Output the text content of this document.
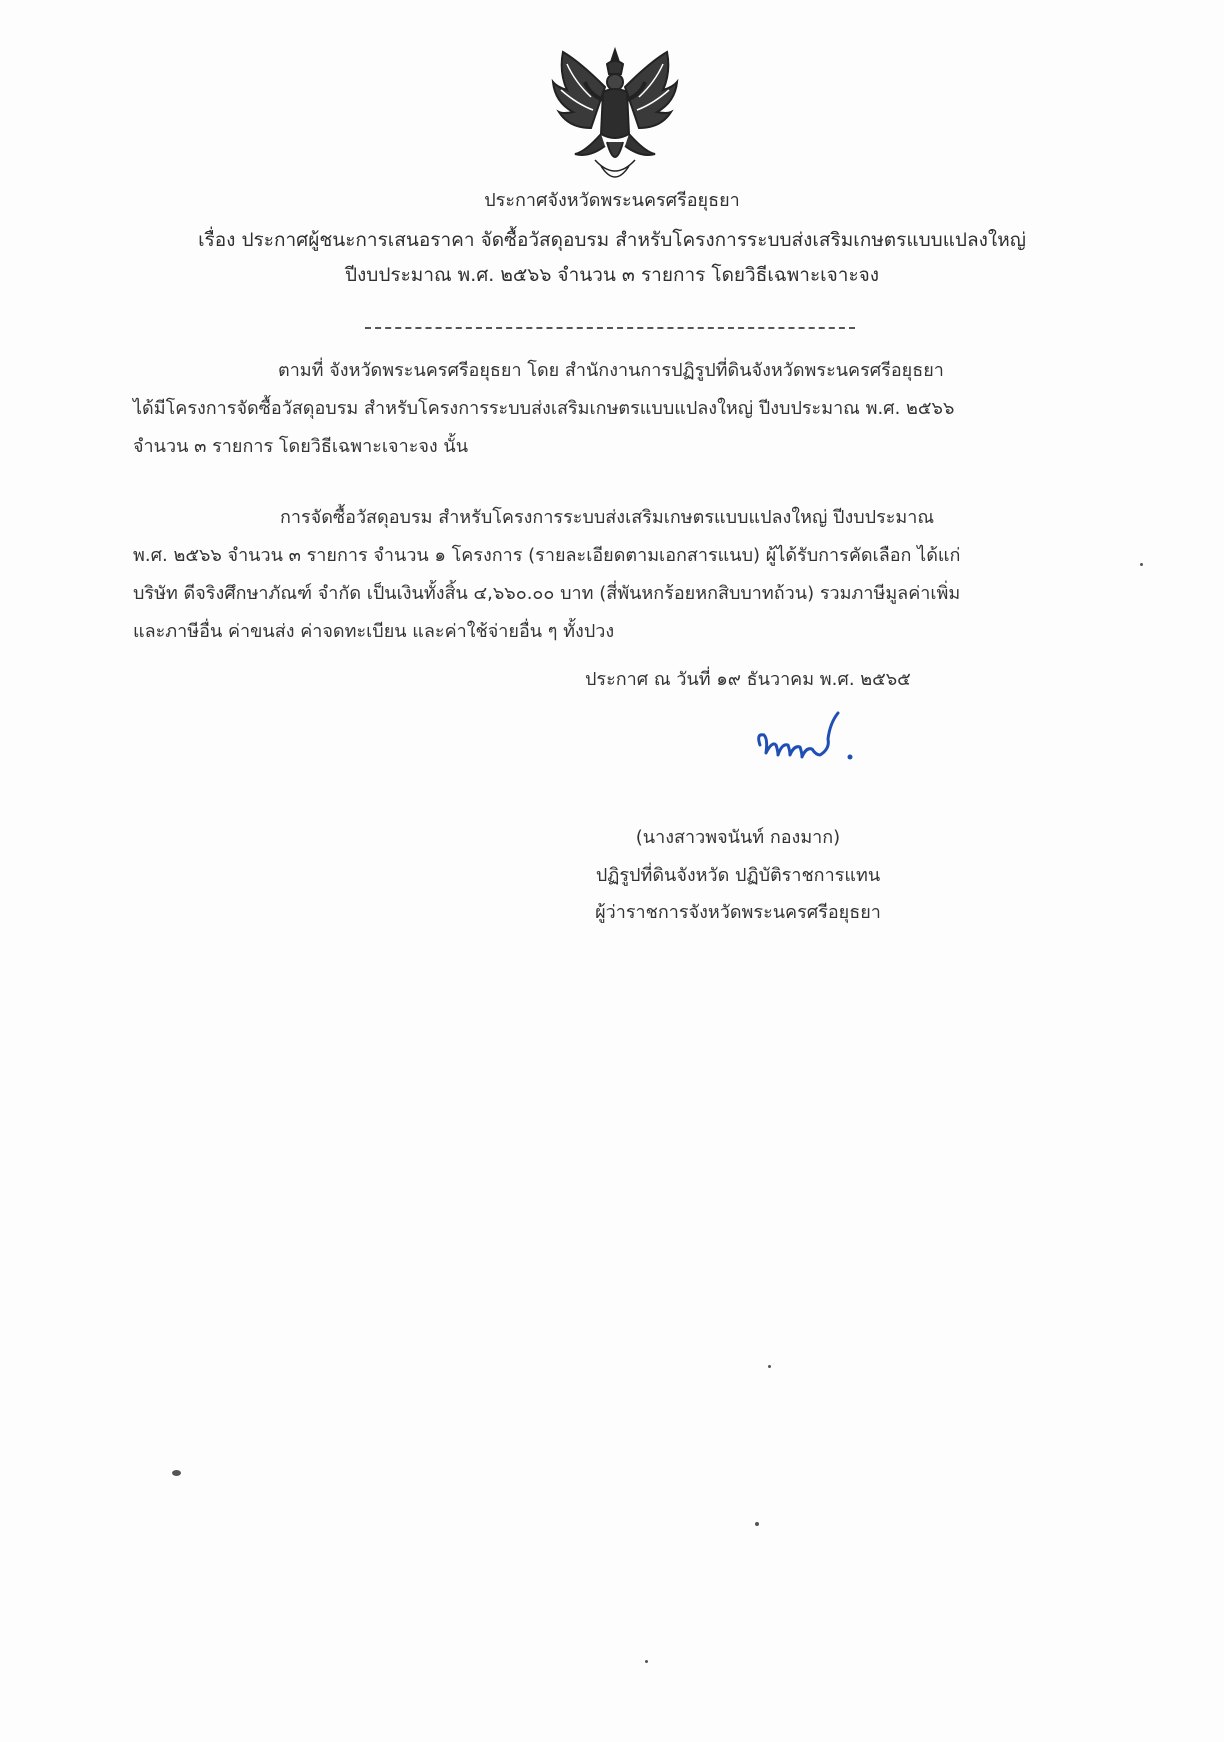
ประกาศจังหวัดพระนครศรีอยุธยา
เรื่อง ประกาศผู้ชนะการเสนอราคา จัดซื้อวัสดุอบรม สำหรับโครงการระบบส่งเสริมเกษตรแบบแปลงใหญ่
ปีงบประมาณ พ.ศ. ๒๕๖๖ จำนวน ๓ รายการ โดยวิธีเฉพาะเจาะจง
ตามที่ จังหวัดพระนครศรีอยุธยา โดย สำนักงานการปฏิรูปที่ดินจังหวัดพระนครศรีอยุธยา
ได้มีโครงการจัดซื้อวัสดุอบรม สำหรับโครงการระบบส่งเสริมเกษตรแบบแปลงใหญ่ ปีงบประมาณ พ.ศ. ๒๕๖๖
จำนวน ๓ รายการ โดยวิธีเฉพาะเจาะจง นั้น
การจัดซื้อวัสดุอบรม สำหรับโครงการระบบส่งเสริมเกษตรแบบแปลงใหญ่ ปีงบประมาณ
พ.ศ. ๒๕๖๖ จำนวน ๓ รายการ จำนวน ๑ โครงการ (รายละเอียดตามเอกสารแนบ) ผู้ได้รับการคัดเลือก ได้แก่
บริษัท ดีจริงศึกษาภัณฑ์ จำกัด เป็นเงินทั้งสิ้น ๔,๖๖๐.๐๐ บาท (สี่พันหกร้อยหกสิบบาทถ้วน) รวมภาษีมูลค่าเพิ่ม
และภาษีอื่น ค่าขนส่ง ค่าจดทะเบียน และค่าใช้จ่ายอื่น ๆ ทั้งปวง
ประกาศ ณ วันที่ ๑๙ ธันวาคม พ.ศ. ๒๕๖๕
(นางสาวพจนันท์ กองมาก)
ปฏิรูปที่ดินจังหวัด ปฏิบัติราชการแทน
ผู้ว่าราชการจังหวัดพระนครศรีอยุธยา
